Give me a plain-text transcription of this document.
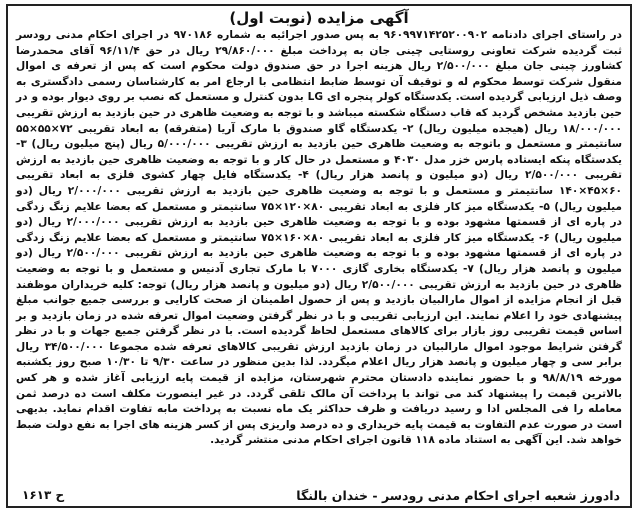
آگهی مزایده (نوبت اول)

در راستای اجرای دادنامه ۹۶۰۹۹۷۱۴۲۵۲۰۰۹۰۲ به پس صدور اجرائیه به شماره ۹۷۰۱۸۶ در اجرای احکام مدنی رودسر ثبت گردیده شرکت تعاونی روستایی چینی جان به پرداخت مبلغ ۲۹/۸۶۰/۰۰۰ ریال در حق ۹۶/۱۱/۴ آقای محمدرضا کشاورز چینی جان مبلغ ۲/۵۰۰/۰۰۰ ریال هزینه اجرا در حق صندوق دولت محکوم است که پس از تعرفه ی اموال منقول شرکت توسط محکوم له و توقیف آن توسط ضابط انتظامی با ارجاع امر به کارشناسان رسمی دادگستری به وصف ذیل ارزیابی گردیده است. یکدستگاه کولر پنجره ای LG بدون کنترل و مستعمل که نصب بر روی دیوار بوده و در حین بازدید مشخص گردید که قاب دستگاه شکسته میباشد و با توجه به وضعیت ظاهری در حین بازدید به ارزش تقریبی ۱۸/۰۰۰/۰۰۰ ریال (هیجده میلیون ریال) ۲- یکدستگاه گاو صندوق با مارک آریا (متفرقه) به ابعاد تقریبی ۷۲×۵۵×۵۵ سانتیمتر و مستعمل و باتوجه به وضعیت ظاهری حین بازدید به ارزش تقریبی ۵/۰۰۰/۰۰۰ ریال (پنج میلیون ریال) ۳- یکدستگاه پنکه ایستاده پارس خزر مدل ۴۰۳۰ و مستعمل در حال کار و با توجه به وضعیت ظاهری حین بازدید به ارزش تقریبی ۲/۵۰۰/۰۰۰ ریال (دو میلیون و پانصد هزار ریال) ۴- یکدستگاه فایل چهار کشوی فلزی به ابعاد تقریبی ۶۰×۴۵×۱۴۰ سانتیمتر و مستعمل و با توجه به وضعیت ظاهری حین بازدید به ارزش تقریبی ۲/۰۰۰/۰۰۰ ریال (دو میلیون ریال) ۵- یکدستگاه میز کار فلزی به ابعاد تقریبی ۸۰×۱۲۰×۷۵ سانتیمتر و مستعمل که بعضا علایم زنگ زدگی در پاره ای از قسمتها مشهود بوده و با توجه به وضعیت ظاهری حین بازدید به ارزش تقریبی ۲/۰۰۰/۰۰۰ ریال (دو میلیون ریال) ۶- یکدستگاه میز کار فلزی به ابعاد تقریبی ۸۰×۱۶۰×۷۵ سانتیمتر و مستعمل که بعضا علایم زنگ زدگی در پاره ای از قسمتها مشهود بوده و با توجه به وضعیت ظاهری حین بازدید به ارزش تقریبی ۲/۵۰۰/۰۰۰ ریال (دو میلیون و پانصد هزار ریال) ۷- یکدستگاه بخاری گازی ۷۰۰۰ با مارک تجاری آدنیس و مستعمل و با توجه به وضعیت ظاهری در حین بازدید به ارزش تقریبی ۲/۵۰۰/۰۰۰ ریال (دو میلیون و پانصد هزار ریال) توجه: کلیه خریداران موظفند قبل از انجام مزایده از اموال مارالبیان بازدید و پس از حصول اطمینان از صحت کارایی و بررسی جمیع جوانب مبلغ پیشنهادی خود را اعلام نمایند. این ارزیابی تقریبی و با در نظر گرفتن وضعیت اموال تعرفه شده در زمان بازدید و بر اساس قیمت تقریبی روز بازار برای کالاهای مستعمل لحاظ گردیده است. با در نظر گرفتن جمیع جهات و با در نظر گرفتن شرایط موجود اموال مارالبیان در زمان بازدید ارزش تقریبی کالاهای تعرفه شده مجموعا ۳۴/۵۰۰/۰۰۰ ریال برابر سی و چهار میلیون و پانصد هزار ریال اعلام میگردد. لذا بدین منظور در ساعت ۹/۳۰ تا ۱۰/۳۰ صبح روز یکشنبه مورخه ۹۸/۸/۱۹ و با حضور نماینده دادستان محترم شهرستان، مزایده از قیمت پایه ارزیابی آغاز شده و هر کس بالاترین قیمت را پیشنهاد کند می تواند با پرداخت آن مالک تلقی گردد. در غیر اینصورت مکلف است ده درصد ثمن معامله را فی المجلس ادا و رسید دریافت و ظرف حداکثر یک ماه نسبت به پرداخت مابه تفاوت اقدام نماید. بدیهی است در صورت عدم التفاوت به قیمت پایه خریداری و ده درصد واریزی پس از کسر هزینه های اجرا به نفع دولت ضبط خواهد شد. این آگهی به استناد ماده ۱۱۸ قانون اجرای احکام مدنی منتشر گردید.

دادورز شعبه اجرای احکام مدنی رودسر - خندان بالنگا
ح ۱۶۱۳
